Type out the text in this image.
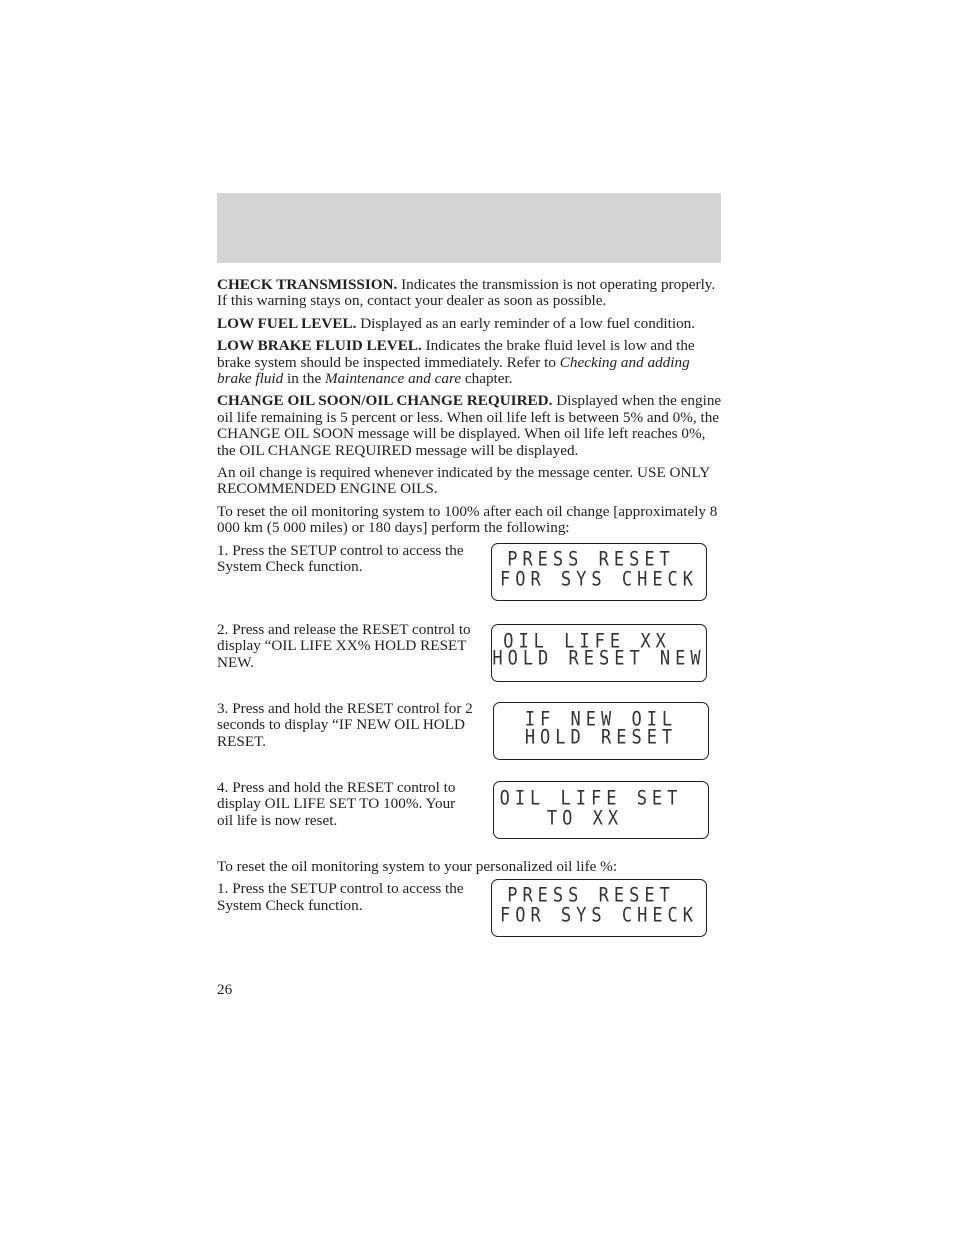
CHECK TRANSMISSION. Indicates the transmission is not operating properly. If this warning stays on, contact your dealer as soon as possible.

LOW FUEL LEVEL. Displayed as an early reminder of a low fuel condition.

LOW BRAKE FLUID LEVEL. Indicates the brake fluid level is low and the brake system should be inspected immediately. Refer to Checking and adding brake fluid in the Maintenance and care chapter.

CHANGE OIL SOON/OIL CHANGE REQUIRED. Displayed when the engine oil life remaining is 5 percent or less. When oil life left is between 5% and 0%, the CHANGE OIL SOON message will be displayed. When oil life left reaches 0%, the OIL CHANGE REQUIRED message will be displayed.

An oil change is required whenever indicated by the message center. USE ONLY RECOMMENDED ENGINE OILS.

To reset the oil monitoring system to 100% after each oil change [approximately 8 000 km (5 000 miles) or 180 days] perform the following:

1. Press the SETUP control to access the System Check function.	PRESS RESET
FOR SYS CHECK
2. Press and release the RESET control to display “OIL LIFE XX% HOLD RESET NEW.
OIL LIFE XX
HOLD RESET NEW
3. Press and hold the RESET control for 2 seconds to display “IF NEW OIL HOLD RESET.
IF NEW OIL
HOLD RESET
4. Press and hold the RESET control to display OIL LIFE SET TO 100%. Your oil life is now reset.
OIL LIFE SET
TO XX

To reset the oil monitoring system to your personalized oil life %:

1. Press the SETUP control to access the System Check function.	PRESS RESET
FOR SYS CHECK
26
